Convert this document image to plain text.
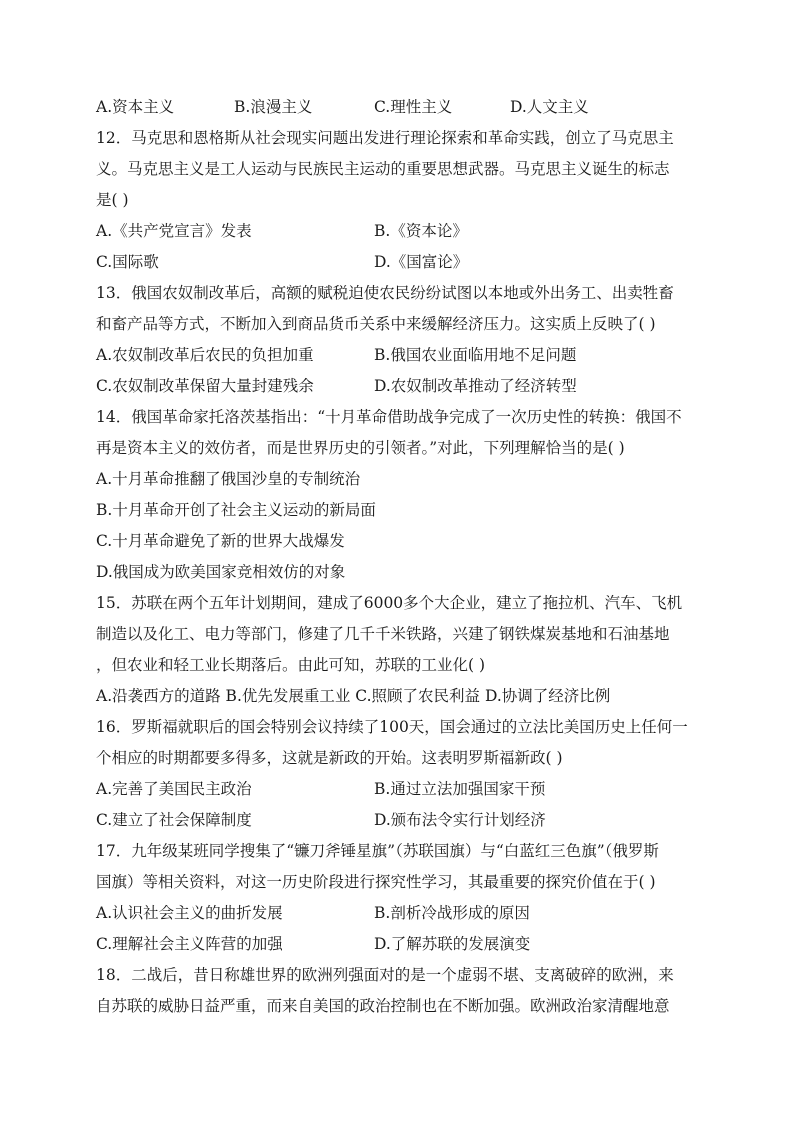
A.资本主义	B.浪漫主义	C.理性主义	D.人文主义
12．马克思和恩格斯从社会现实问题出发进行理论探索和革命实践，创立了马克思主
义。马克思主义是工人运动与民族民主运动的重要思想武器。马克思主义诞生的标志
是( )
A.《共产党宣言》发表	B.《资本论》
C.国际歌	D.《国富论》
13．俄国农奴制改革后，高额的赋税迫使农民纷纷试图以本地或外出务工、出卖牲畜
和畜产品等方式，不断加入到商品货币关系中来缓解经济压力。这实质上反映了( )
A.农奴制改革后农民的负担加重	B.俄国农业面临用地不足问题
C.农奴制改革保留大量封建残余	D.农奴制改革推动了经济转型
14．俄国革命家托洛茨基指出：“十月革命借助战争完成了一次历史性的转换：俄国不
再是资本主义的效仿者，而是世界历史的引领者。”对此，下列理解恰当的是( )
A.十月革命推翻了俄国沙皇的专制统治
B.十月革命开创了社会主义运动的新局面
C.十月革命避免了新的世界大战爆发
D.俄国成为欧美国家竞相效仿的对象
15．苏联在两个五年计划期间，建成了6000多个大企业，建立了拖拉机、汽车、飞机
制造以及化工、电力等部门，修建了几千千米铁路，兴建了钢铁煤炭基地和石油基地
，但农业和轻工业长期落后。由此可知，苏联的工业化( )
A.沿袭西方的道路 B.优先发展重工业 C.照顾了农民利益 D.协调了经济比例
16．罗斯福就职后的国会特别会议持续了100天，国会通过的立法比美国历史上任何一
个相应的时期都要多得多，这就是新政的开始。这表明罗斯福新政( )
A.完善了美国民主政治	B.通过立法加强国家干预
C.建立了社会保障制度	D.颁布法令实行计划经济
17．九年级某班同学搜集了“镰刀斧锤星旗”（苏联国旗）与“白蓝红三色旗”（俄罗斯
国旗）等相关资料，对这一历史阶段进行探究性学习，其最重要的探究价值在于( )
A.认识社会主义的曲折发展	B.剖析冷战形成的原因
C.理解社会主义阵营的加强	D.了解苏联的发展演变
18．二战后，昔日称雄世界的欧洲列强面对的是一个虚弱不堪、支离破碎的欧洲，来
自苏联的威胁日益严重，而来自美国的政治控制也在不断加强。欧洲政治家清醒地意
